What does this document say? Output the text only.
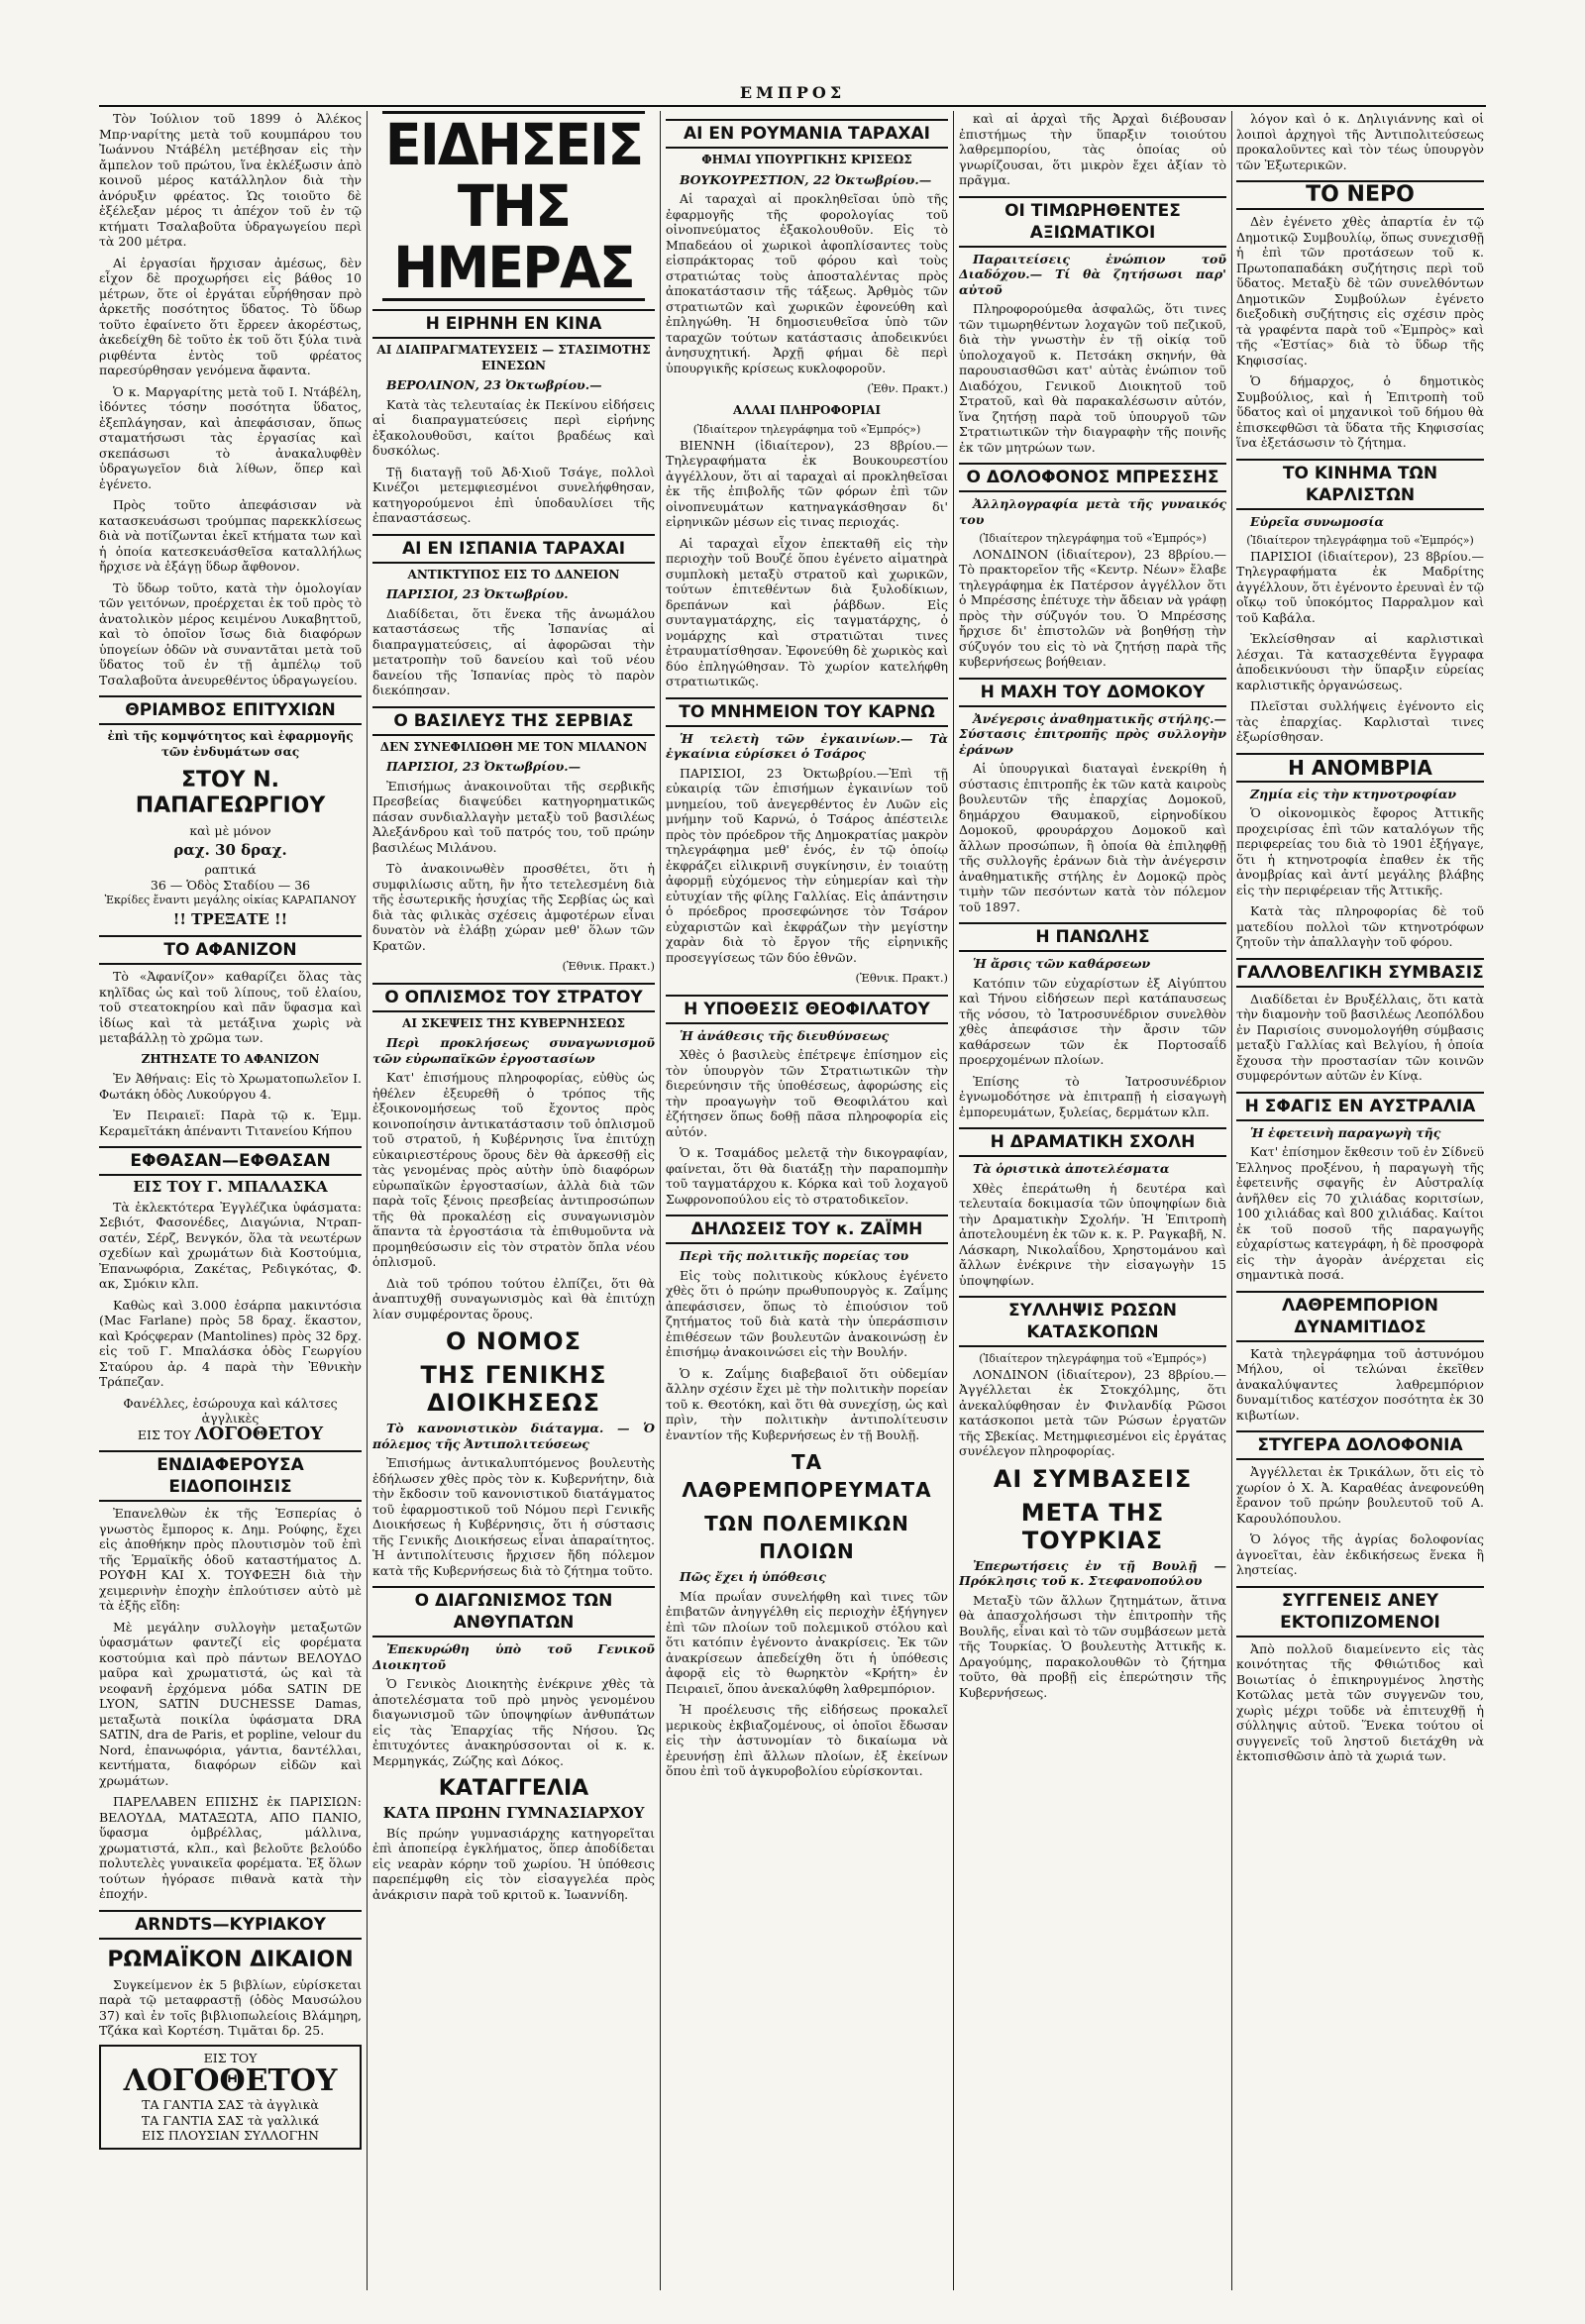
ΕΜΠΡΟΣ

Τὸν Ἰούλιον τοῦ 1899 ὁ Ἀλέκος Μπρ·ναρίτης μετὰ τοῦ κουμπάρου του Ἰωάννου Ντάβέλη μετέβησαν εἰς τὴν ἄμπελον τοῦ πρώτου, ἵνα ἐκλέξωσιν ἀπὸ κοινοῦ μέρος κατάλληλον διὰ τὴν ἀνόρυξιν φρέατος. Ὡς τοιοῦτο δὲ ἐξέλεξαν μέρος τι ἀπέχον τοῦ ἐν τῷ κτήματι Τσαλαβοῦτα ὑδραγωγείου περὶ τὰ 200 μέτρα.

Αἱ ἐργασίαι ἤρχισαν ἀμέσως, δὲν εἶχον δὲ προχωρήσει εἰς βάθος 10 μέτρων, ὅτε οἱ ἐργάται εὗρήθησαν πρὸ ἀρκετῆς ποσότητος ὕδατος. Τὸ ὕδωρ τοῦτο ἐφαίνετο ὅτι ἔρρεεν ἀκορέστως, ἀκεδείχθη δὲ τοῦτο ἐκ τοῦ ὅτι ξύλα τινὰ ριφθέντα ἐντὸς τοῦ φρέατος παρεσύρθησαν γενόμενα ἄφαντα.

Ὁ κ. Μαργαρίτης μετὰ τοῦ Ι. Ντάβέλη, ἰδόντες τόσην ποσότητα ὕδατος, ἐξεπλάγησαν, καὶ ἀπεφάσισαν, ὅπως σταματήσωσι τὰς ἐργασίας καὶ σκεπάσωσι τὸ ἀνακαλυφθὲν ὑδραγωγεῖον διὰ λίθων, ὅπερ καὶ ἐγένετο.

Πρὸς τοῦτο ἀπεφάσισαν νὰ κατασκευάσωσι τρούμπας παρεκκλίσεως διὰ νὰ ποτίζωνται ἐκεῖ κτήματα των καὶ ἡ ὁποία κατεσκευάσθεῖσα καταλλήλως ἤρχισε νὰ ἐξάγῃ ὕδωρ ἄφθονον.

Τὸ ὕδωρ τοῦτο, κατὰ τὴν ὁμολογίαν τῶν γειτόνων, προέρχεται ἐκ τοῦ πρὸς τὸ ἀνατολικὸν μέρος κειμένου Λυκαβηττοῦ, καὶ τὸ ὁποῖον ἴσως διὰ διαφόρων ὑπογείων ὁδῶν νὰ συναντᾶται μετὰ τοῦ ὕδατος τοῦ ἐν τῇ ἀμπέλῳ τοῦ Τσαλαβοῦτα ἀνευρεθέντος ὑδραγωγείου.

ΘΡΙΑΜΒΟΣ ΕΠΙΤΥΧΙΩΝ
ἐπὶ τῆς κομψότητος καὶ ἐφαρμογῆς τῶν ἐνδυμάτων σας
ΣΤΟΥ Ν. ΠΑΠΑΓΕΩΡΓΙΟΥ
καὶ μὲ μόνον
ραχ. 30 δραχ.
ραπτικά
36 — Ὁδὸς Σταδίου — 36
Ἐκρίδες ἔναντι μεγάλης οἰκίας ΚΑΡΑΠΑΝΟΥ
!! ΤΡΕΞΑΤΕ !!
ΤΟ ΑΦΑΝΙΖΟΝ

Τὸ «Ἀφανίζον» καθαρίζει ὅλας τὰς κηλῖδας ὡς καὶ τοῦ λίπους, τοῦ ἐλαίου, τοῦ στεατοκηρίου καὶ πᾶν ὕφασμα καὶ ἰδίως καὶ τὰ μετάξινα χωρὶς νὰ μεταβάλλῃ τὸ χρῶμα των.

ΖΗΤΗΣΑΤΕ ΤΟ ΑΦΑΝΙΖΟΝ

Ἐν Ἀθήναις: Εἰς τὸ Χρωματοπωλεῖον Ι. Φωτάκη ὁδὸς Λυκούργου 4.

Ἐν Πειραιεῖ: Παρὰ τῷ κ. Ἐμμ. Κεραμεῖτάκη ἀπέναντι Τιτανείου Κήπου

ΕΦΘΑΣΑΝ—ΕΦΘΑΣΑΝ
ΕΙΣ ΤΟΥ Γ. ΜΠΑΛΑΣΚΑ

Τὰ ἐκλεκτότερα Ἐγγλέζικα ὑφάσματα: Σεβιότ, Φασονέδες, Διαγώνια, Ντραπ-σατέν, Σέρζ, Βενγκόν, ὅλα τὰ νεωτέρων σχεδίων καὶ χρωμάτων διὰ Κοστούμια, Ἐπανωφόρια, Ζακέτας, Ρεδιγκότας, Φ. ακ, Σμόκιν κλπ.

Καθὼς καὶ 3.000 ἐσάρπα μακιντόσια (Mac Farlane) πρὸς 58 δραχ. ἕκαστον, καὶ Κρόςφεραν (Mantolines) πρὸς 32 δρχ. εἰς τοῦ Γ. Μπαλάσκα ὁδὸς Γεωργίου Σταύρου ἀρ. 4 παρὰ τὴν Ἐθνικὴν Τράπεζαν.

Φανέλλες, ἐσώρουχα καὶ κάλτσες ἀγγλικὲς
ΕΙΣ ΤΟΥ ΛΟΓΟΘΕΤΟΥ
ΕΝΔΙΑΦΕΡΟΥΣΑ ΕΙΔΟΠΟΙΗΣΙΣ

Ἐπανελθὼν ἐκ τῆς Ἑσπερίας ὁ γνωστὸς ἔμπορος κ. Δημ. Ρούφης, ἔχει εἰς ἀποθήκην πρὸς πλουτισμὸν τοῦ ἐπὶ τῆς Ἑρμαϊκῆς ὁδοῦ καταστήματος Δ. ΡΟΥΦΗ ΚΑΙ Χ. ΤΟΥΦΕΞΗ διὰ τὴν χειμερινὴν ἐποχὴν ἐπλούτισεν αὐτὸ μὲ τὰ ἐξῆς εἴδη:

Μὲ μεγάλην συλλογὴν μεταξωτῶν ὑφασμάτων φαντεζί εἰς φορέματα κοστούμια καὶ πρὸ πάντων ΒΕΛΟΥΔΟ μαῦρα καὶ χρωματιστά, ὡς καὶ τὰ νεοφανῆ ἐρχόμενα μόδα SATIN DE LYON, SATIN DUCHESSE Damas, μεταξωτὰ ποικίλα ὑφάσματα DRA SATIN, dra de Paris, et popline, velour du Nord, ἐπανωφόρια, γάντια, δαντέλλαι, κεντήματα, διαφόρων εἰδῶν καὶ χρωμάτων.

ΠΑΡΕΛΑΒΕΝ ΕΠΙΣΗΣ ἐκ ΠΑΡΙΣΙΩΝ: ΒΕΛΟΥΔΑ, ΜΑΤΑΞΩΤΑ, ΑΠΟ ΠΑΝΙΟ, ὕφασμα ὁμβρέλλας, μάλλινα, χρωματιστά, κλπ., καὶ βελοῦτε βελούδο πολυτελὲς γυναικεῖα φορέματα. Ἐξ ὅλων τούτων ἠγόρασε πιθανὰ κατὰ τὴν ἐποχήν.

ARNDTS—ΚΥΡΙΑΚΟΥ
ΡΩΜΑΪΚΟΝ ΔΙΚΑΙΟΝ

Συγκείμενον ἐκ 5 βιβλίων, εὑρίσκεται παρὰ τῷ μεταφραστῇ (ὁδὸς Μαυσώλου 37) καὶ ἐν τοῖς βιβλιοπωλείοις Βλάμηρη, Τζάκα καὶ Κορτέση. Τιμᾶται δρ. 25.

ΕΙΣ ΤΟΥ
ΛΟΓΟΘΕΤΟΥ
ΤΑ ΓΑΝΤΙΑ ΣΑΣ τὰ ἀγγλικὰ
ΤΑ ΓΑΝΤΙΑ ΣΑΣ τὰ γαλλικά
ΕΙΣ ΠΛΟΥΣΙΑΝ ΣΥΛΛΟΓΗΝ
ΕΙΔΗΣΕΙΣ ΤΗΣ ΗΜΕΡΑΣ
Η ΕΙΡΗΝΗ ΕΝ ΚΙΝΑ
ΑΙ ΔΙΑΠΡΑΓΜΑΤΕΥΣΕΙΣ — ΣΤΑΣΙΜΟΤΗΣ ΕΙΝΕΣΩΝ
ΒΕΡΟΛΙΝΟΝ, 23 Ὀκτωβρίου.—

Κατὰ τὰς τελευταίας ἐκ Πεκίνου εἰδήσεις αἱ διαπραγματεύσεις περὶ εἰρήνης ἐξακολουθοῦσι, καίτοι βραδέως καὶ δυσκόλως.

Τῇ διαταγῇ τοῦ Ἀδ·Χιοῦ Τσάγε, πολλοὶ Κινέζοι μετεμφιεσμένοι συνελήφθησαν, κατηγορούμενοι ἐπὶ ὑποδαυλίσει τῆς ἐπαναστάσεως.

ΑΙ ΕΝ ΙΣΠΑΝΙΑ ΤΑΡΑΧΑΙ
ΑΝΤΙΚΤΥΠΟΣ ΕΙΣ ΤΟ ΔΑΝΕΙΟΝ
ΠΑΡΙΣΙΟΙ, 23 Ὀκτωβρίου.

Διαδίδεται, ὅτι ἕνεκα τῆς ἀνωμάλου καταστάσεως τῆς Ἱσπανίας αἱ διαπραγματεύσεις, αἱ ἀφορῶσαι τὴν μετατροπὴν τοῦ δανείου καὶ τοῦ νέου δανείου τῆς Ἱσπανίας πρὸς τὸ παρὸν διεκόπησαν.

Ο ΒΑΣΙΛΕΥΣ ΤΗΣ ΣΕΡΒΙΑΣ
ΔΕΝ ΣΥΝΕΦΙΛΙΩΘΗ ΜΕ ΤΟΝ ΜΙΛΑΝΟΝ
ΠΑΡΙΣΙΟΙ, 23 Ὀκτωβρίου.—

Ἐπισήμως ἀνακοινοῦται τῆς σερβικῆς Πρεσβείας διαψεύδει κατηγορηματικῶς πάσαν συνδιαλλαγὴν μεταξὺ τοῦ βασιλέως Ἀλεξάνδρου καὶ τοῦ πατρός του, τοῦ πρώην βασιλέως Μιλάνου.

Τὸ ἀνακοινωθὲν προσθέτει, ὅτι ἡ συμφιλίωσις αὕτη, ἣν ἦτο τετελεσμένη διὰ τῆς ἐσωτερικῆς ἡσυχίας τῆς Σερβίας ὡς καὶ διὰ τὰς φιλικὰς σχέσεις ἀμφοτέρων εἶναι δυνατὸν νὰ ἐλάβῃ χώραν μεθ' ὅλων τῶν Κρατῶν.

(Ἐθνικ. Πρακτ.)
Ο ΟΠΛΙΣΜΟΣ ΤΟΥ ΣΤΡΑΤΟΥ
ΑΙ ΣΚΕΨΕΙΣ ΤΗΣ ΚΥΒΕΡΝΗΣΕΩΣ
Περὶ προκλήσεως συναγωνισμοῦ τῶν εὐρωπαϊκῶν ἐργοστασίων

Κατ' ἐπισήμους πληροφορίας, εὐθὺς ὡς ἠθέλεν ἐξευρεθῆ ὁ τρόπος τῆς ἐξοικονομήσεως τοῦ ἔχοντος πρὸς κοινοποίησιν ἀντικατάστασιν τοῦ ὁπλισμοῦ τοῦ στρατοῦ, ἡ Κυβέρνησις ἵνα ἐπιτύχῃ εὐκαιριεστέρους ὅρους δὲν θὰ ἀρκεσθῇ εἰς τὰς γενομένας πρὸς αὐτὴν ὑπὸ διαφόρων εὐρωπαϊκῶν ἐργοστασίων, ἀλλὰ διὰ τῶν παρὰ τοῖς ξένοις πρεσβείας ἀντιπροσώπων τῆς θὰ προκαλέσῃ εἰς συναγωνισμὸν ἅπαντα τὰ ἐργοστάσια τὰ ἐπιθυμοῦντα νὰ προμηθεύσωσιν εἰς τὸν στρατὸν ὅπλα νέου ὁπλισμοῦ.

Διὰ τοῦ τρόπου τούτου ἐλπίζει, ὅτι θὰ ἀναπτυχθῇ συναγωνισμὸς καὶ θὰ ἐπιτύχῃ λίαν συμφέροντας ὅρους.

Ο ΝΟΜΟΣ
ΤΗΣ ΓΕΝΙΚΗΣ ΔΙΟΙΚΗΣΕΩΣ
Τὸ κανονιστικὸν διάταγμα. — Ὁ πόλεμος τῆς Ἀντιπολιτεύσεως

Ἐπισήμως ἀντικαλυπτόμενος βουλευτὴς ἐδήλωσεν χθὲς πρὸς τὸν κ. Κυβερνήτην, διὰ τὴν ἔκδοσιν τοῦ κανονιστικοῦ διατάγματος τοῦ ἐφαρμοστικοῦ τοῦ Νόμου περὶ Γενικῆς Διοικήσεως ἡ Κυβέρνησις, ὅτι ἡ σύστασις τῆς Γενικῆς Διοικήσεως εἶναι ἀπαραίτητος. Ἡ ἀντιπολίτευσις ἤρχισεν ἤδη πόλεμον κατὰ τῆς Κυβερνήσεως διὰ τὸ ζήτημα τοῦτο.

Ο ΔΙΑΓΩΝΙΣΜΟΣ ΤΩΝ ΑΝΘΥΠΑΤΩΝ
Ἐπεκυρώθη ὑπὸ τοῦ Γενικοῦ Διοικητοῦ

Ὁ Γενικὸς Διοικητὴς ἐνέκρινε χθὲς τὰ ἀποτελέσματα τοῦ πρὸ μηνὸς γενομένου διαγωνισμοῦ τῶν ὑποψηφίων ἀνθυπάτων εἰς τὰς Ἐπαρχίας τῆς Νήσου. Ὡς ἐπιτυχόντες ἀνακηρύσσονται οἱ κ. κ. Μερμηγκάς, Ζώζης καὶ Δόκος.

ΚΑΤΑΓΓΕΛΙΑ
ΚΑΤΑ ΠΡΩΗΝ ΓΥΜΝΑΣΙΑΡΧΟΥ

Βίς πρώην γυμνασιάρχης κατηγορεῖται ἐπὶ ἀποπείρᾳ ἐγκλήματος, ὅπερ ἀποδίδεται εἰς νεαρὰν κόρην τοῦ χωρίου. Ἡ ὑπόθεσις παρεπέμφθη εἰς τὸν εἰσαγγελέα πρὸς ἀνάκρισιν παρὰ τοῦ κριτοῦ κ. Ἰωαννίδη.

ΑΙ ΕΝ ΡΟΥΜΑΝΙΑ ΤΑΡΑΧΑΙ
ΦΗΜΑΙ ΥΠΟΥΡΓΙΚΗΣ ΚΡΙΣΕΩΣ
ΒΟΥΚΟΥΡΕΣΤΙΟΝ, 22 Ὀκτωβρίου.—

Αἱ ταραχαὶ αἱ προκληθεῖσαι ὑπὸ τῆς ἐφαρμογῆς τῆς φορολογίας τοῦ οἰνοπνεύματος ἐξακολουθοῦν. Εἰς τὸ Μπαδεάου οἱ χωρικοὶ ἀφοπλίσαντες τοὺς εἰσπράκτορας τοῦ φόρου καὶ τοὺς στρατιώτας τοὺς ἀποσταλέντας πρὸς ἀποκατάστασιν τῆς τάξεως. Ἀρθμὸς τῶν στρατιωτῶν καὶ χωρικῶν ἐφονεύθη καὶ ἐπληγώθη. Ἡ δημοσιευθεῖσα ὑπὸ τῶν ταραχῶν τούτων κατάστασις ἀποδεικνύει ἀνησυχητική. Ἀρχῇ φήμαι δὲ περὶ ὑπουργικῆς κρίσεως κυκλοφοροῦν.

(Ἐθν. Πρακτ.)
ΑΛΛΑΙ ΠΛΗΡΟΦΟΡΙΑΙ
(Ἰδιαίτερον τηλεγράφημα τοῦ «Ἐμπρός»)

ΒΙΕΝΝΗ (ἰδιαίτερον), 23 8βρίου.—Τηλεγραφήματα ἐκ Βουκουρεστίου ἀγγέλλουν, ὅτι αἱ ταραχαὶ αἱ προκληθεῖσαι ἐκ τῆς ἐπιβολῆς τῶν φόρων ἐπὶ τῶν οἰνοπνευμάτων κατηναγκάσθησαν δι' εἰρηνικῶν μέσων εἰς τινας περιοχάς.

Αἱ ταραχαὶ εἶχον ἐπεκταθῆ εἰς τὴν περιοχὴν τοῦ Βουζέ ὅπου ἐγένετο αἱματηρὰ συμπλοκὴ μεταξὺ στρατοῦ καὶ χωρικῶν, τούτων ἐπιτεθέντων διὰ ξυλοδίκιων, δρεπάνων καὶ ῥάβδων. Εἰς συνταγματάρχης, εἰς ταγματάρχης, ὁ νομάρχης καὶ στρατιῶται τινες ἐτραυματίσθησαν. Ἐφονεύθη δὲ χωρικὸς καὶ δύο ἐπληγώθησαν. Τὸ χωρίον κατελήφθη στρατιωτικῶς.

ΤΟ ΜΝΗΜΕΙΟΝ ΤΟΥ ΚΑΡΝΩ
Ἡ τελετὴ τῶν ἐγκαινίων.— Τὰ ἐγκαίνια εὑρίσκει ὁ Τσάρος

ΠΑΡΙΣΙΟΙ, 23 Ὀκτωβρίου.—Ἐπὶ τῇ εὐκαιρίᾳ τῶν ἐπισήμων ἐγκαινίων τοῦ μνημείου, τοῦ ἀνεγερθέντος ἐν Λυῶν εἰς μνήμην τοῦ Καρνώ, ὁ Τσάρος ἀπέστειλε πρὸς τὸν πρόεδρον τῆς Δημοκρατίας μακρὸν τηλεγράφημα μεθ' ἑνός, ἐν τῷ ὁποίῳ ἐκφράζει εἰλικρινῆ συγκίνησιν, ἐν τοιαύτῃ ἀφορμῇ εὐχόμενος τὴν εὐημερίαν καὶ τὴν εὐτυχίαν τῆς φίλης Γαλλίας. Εἰς ἀπάντησιν ὁ πρόεδρος προσεφώνησε τὸν Τσάρον εὐχαριστῶν καὶ ἐκφράζων τὴν μεγίστην χαρὰν διὰ τὸ ἔργον τῆς εἰρηνικῆς προσεγγίσεως τῶν δύο ἐθνῶν.

(Ἐθνικ. Πρακτ.)
Η ΥΠΟΘΕΣΙΣ ΘΕΟΦΙΛΑΤΟΥ
Ἡ ἀνάθεσις τῆς διευθύνσεως

Χθὲς ὁ βασιλεὺς ἐπέτρεψε ἐπίσημον εἰς τὸν ὑπουργὸν τῶν Στρατιωτικῶν τὴν διερεύνησιν τῆς ὑποθέσεως, ἀφορώσης εἰς τὴν προαγωγὴν τοῦ Θεοφιλάτου καὶ ἐζήτησεν ὅπως δοθῇ πᾶσα πληροφορία εἰς αὐτόν.

Ὁ κ. Τσαμάδος μελετᾷ τὴν δικογραφίαν, φαίνεται, ὅτι θὰ διατάξῃ τὴν παραπομπὴν τοῦ ταγματάρχου κ. Κόρκα καὶ τοῦ λοχαγοῦ Σωφρονοπούλου εἰς τὸ στρατοδικεῖον.

ΔΗΛΩΣΕΙΣ ΤΟΥ κ. ΖΑΪΜΗ
Περὶ τῆς πολιτικῆς πορείας του

Εἰς τοὺς πολιτικοὺς κύκλους ἐγένετο χθὲς ὅτι ὁ πρώην πρωθυπουργὸς κ. Ζαΐμης ἀπεφάσισεν, ὅπως τὸ ἐπιούσιον τοῦ ζητήματος τοῦ διὰ κατὰ τὴν ὑπεράσπισιν ἐπιθέσεων τῶν βουλευτῶν ἀνακοινώσῃ ἐν ἐπισήμῳ ἀνακοινώσει εἰς τὴν Βουλήν.

Ὁ κ. Ζαΐμης διαβεβαιοῖ ὅτι οὐδεμίαν ἄλλην σχέσιν ἔχει μὲ τὴν πολιτικὴν πορείαν τοῦ κ. Θεοτόκη, καὶ ὅτι θὰ συνεχίσῃ, ὡς καὶ πρὶν, τὴν πολιτικὴν ἀντιπολίτευσιν ἐναντίον τῆς Κυβερνήσεως ἐν τῇ Βουλῇ.

ΤΑ ΛΑΘΡΕΜΠΟΡΕΥΜΑΤΑ
ΤΩΝ ΠΟΛΕΜΙΚΩΝ ΠΛΟΙΩΝ
Πῶς ἔχει ἡ ὑπόθεσις

Μία πρωΐαν συνελήφθη καὶ τινες τῶν ἐπιβατῶν ἀνηγγέλθη εἰς περιοχὴν ἐξήγηγεν ἐπὶ τῶν πλοίων τοῦ πολεμικοῦ στόλου καὶ ὅτι κατόπιν ἐγένοντο ἀνακρίσεις. Ἐκ τῶν ἀνακρίσεων ἀπεδείχθη ὅτι ἡ ὑπόθεσις ἀφορᾷ εἰς τὸ θωρηκτὸν «Κρήτη» ἐν Πειραιεῖ, ὅπου ἀνεκαλύφθη λαθρεμπόριον.

Ἡ προέλευσις τῆς εἰδήσεως προκαλεῖ μερικοὺς ἐκβιαζομένους, οἱ ὁποῖοι ἔδωσαν εἰς τὴν ἀστυνομίαν τὸ δικαίωμα νὰ ἐρευνήσῃ ἐπὶ ἄλλων πλοίων, ἐξ ἐκείνων ὅπου ἐπὶ τοῦ ἀγκυροβολίου εὑρίσκονται.

καὶ αἱ ἀρχαὶ τῆς Ἀρχαὶ διέβουσαν ἐπιστήμως τὴν ὕπαρξιν τοιούτου λαθρεμπορίου, τὰς ὁποίας οὐ γνωρίζουσαι, ὅτι μικρὸν ἔχει ἀξίαν τὸ πρᾶγμα.

ΟΙ ΤΙΜΩΡΗΘΕΝΤΕΣ ΑΞΙΩΜΑΤΙΚΟΙ
Παραιτείσεις ἐνώπιον τοῦ Διαδόχου.— Τί θὰ ζητήσωσι παρ' αὐτοῦ

Πληροφορούμεθα ἀσφαλῶς, ὅτι τινες τῶν τιμωρηθέντων λοχαγῶν τοῦ πεζικοῦ, διὰ τὴν γνωστὴν ἐν τῇ οἰκίᾳ τοῦ ὑπολοχαγοῦ κ. Πετσάκη σκηνήν, θὰ παρουσιασθῶσι κατ' αὐτὰς ἐνώπιον τοῦ Διαδόχου, Γενικοῦ Διοικητοῦ τοῦ Στρατοῦ, καὶ θὰ παρακαλέσωσιν αὐτόν, ἵνα ζητήσῃ παρὰ τοῦ ὑπουργοῦ τῶν Στρατιωτικῶν τὴν διαγραφὴν τῆς ποινῆς ἐκ τῶν μητρώων των.

Ο ΔΟΛΟΦΟΝΟΣ ΜΠΡΕΣΣΗΣ
Ἀλληλογραφία μετὰ τῆς γυναικός του
(Ἰδιαίτερον τηλεγράφημα τοῦ «Ἐμπρός»)

ΛΟΝΔΙΝΟΝ (ἰδιαίτερον), 23 8βρίου.—Τὸ πρακτορεῖον τῆς «Κεντρ. Νέων» ἔλαβε τηλεγράφημα ἐκ Πατέρσον ἀγγέλλον ὅτι ὁ Μπρέσσης ἐπέτυχε τὴν ἄδειαν νὰ γράφῃ πρὸς τὴν σύζυγόν του. Ὁ Μπρέσσης ἤρχισε δι' ἐπιστολῶν νὰ βοηθήσῃ τὴν σύζυγόν του εἰς τὸ νὰ ζητήσῃ παρὰ τῆς κυβερνήσεως βοήθειαν.

Η ΜΑΧΗ ΤΟΥ ΔΟΜΟΚΟΥ
Ἀνέγερσις ἀναθηματικῆς στήλης.— Σύστασις ἐπιτροπῆς πρὸς συλλογὴν ἐράνων

Αἱ ὑπουργικαὶ διαταγαὶ ἐνεκρίθη ἡ σύστασις ἐπιτροπῆς ἐκ τῶν κατὰ καιροὺς βουλευτῶν τῆς ἐπαρχίας Δομοκοῦ, δημάρχου Θαυμακοῦ, εἰρηνοδίκου Δομοκοῦ, φρουράρχου Δομοκοῦ καὶ ἄλλων προσώπων, ἣ ὁποία θὰ ἐπιληφθῇ τῆς συλλογῆς ἐράνων διὰ τὴν ἀνέγερσιν ἀναθηματικῆς στήλης ἐν Δομοκῷ πρὸς τιμὴν τῶν πεσόντων κατὰ τὸν πόλεμον τοῦ 1897.

Η ΠΑΝΩΛΗΣ
Ἡ ἄρσις τῶν καθάρσεων

Κατόπιν τῶν εὐχαρίστων ἐξ Αἰγύπτου καὶ Τήνου εἰδήσεων περὶ κατάπαυσεως τῆς νόσου, τὸ Ἰατροσυνέδριον συνελθὸν χθὲς ἀπεφάσισε τὴν ἄρσιν τῶν καθάρσεων τῶν ἐκ Πορτοσαΐδ προερχομένων πλοίων.

Ἐπίσης τὸ Ἰατροσυνέδριον ἐγνωμοδότησε νὰ ἐπιτραπῇ ἡ εἰσαγωγὴ ἐμπορευμάτων, ξυλείας, δερμάτων κλπ.

Η ΔΡΑΜΑΤΙΚΗ ΣΧΟΛΗ
Τὰ ὁριστικὰ ἀποτελέσματα

Χθὲς ἐπεράτωθη ἡ δευτέρα καὶ τελευταία δοκιμασία τῶν ὑποψηφίων διὰ τὴν Δραματικὴν Σχολήν. Ἡ Ἐπιτροπὴ ἀποτελουμένη ἐκ τῶν κ. κ. Ρ. Ραγκαβῆ, Ν. Λάσκαρη, Νικολαΐδου, Χρηστομάνου καὶ ἄλλων ἐνέκρινε τὴν εἰσαγωγὴν 15 ὑποψηφίων.

ΣΥΛΛΗΨΙΣ ΡΩΣΩΝ ΚΑΤΑΣΚΟΠΩΝ
(Ἰδιαίτερον τηλεγράφημα τοῦ «Ἐμπρός»)

ΛΟΝΔΙΝΟΝ (ἰδιαίτερον), 23 8βρίου.—Ἀγγέλλεται ἐκ Στοκχόλμης, ὅτι ἀνεκαλύφθησαν ἐν Φινλανδίᾳ Ρῶσοι κατάσκοποι μετὰ τῶν Ρώσων ἐργατῶν τῆς Σβεκίας. Μετημφιεσμένοι εἰς ἐργάτας συνέλεγον πληροφορίας.

ΑΙ ΣΥΜΒΑΣΕΙΣ
ΜΕΤΑ ΤΗΣ ΤΟΥΡΚΙΑΣ
Ἐπερωτήσεις ἐν τῇ Βουλῇ — Πρόκλησις τοῦ κ. Στεφανοπούλου

Μεταξὺ τῶν ἄλλων ζητημάτων, ἅτινα θὰ ἀπασχολήσωσι τὴν ἐπιτροπὴν τῆς Βουλῆς, εἶναι καὶ τὸ τῶν συμβάσεων μετὰ τῆς Τουρκίας. Ὁ βουλευτὴς Ἀττικῆς κ. Δραγούμης, παρακολουθῶν τὸ ζήτημα τοῦτο, θὰ προβῇ εἰς ἐπερώτησιν τῆς Κυβερνήσεως.

λόγον καὶ ὁ κ. Δηλιγιάννης καὶ οἱ λοιποὶ ἀρχηγοὶ τῆς Ἀντιπολιτεύσεως προκαλοῦντες καὶ τὸν τέως ὑπουργὸν τῶν Ἐξωτερικῶν.

ΤΟ ΝΕΡΟ

Δὲν ἐγένετο χθὲς ἀπαρτία ἐν τῷ Δημοτικῷ Συμβουλίῳ, ὅπως συνεχισθῇ ἡ ἐπὶ τῶν προτάσεων τοῦ κ. Πρωτοπαπαδάκη συζήτησις περὶ τοῦ ὕδατος. Μεταξὺ δὲ τῶν συνελθόντων Δημοτικῶν Συμβούλων ἐγένετο διεξοδικὴ συζήτησις εἰς σχέσιν πρὸς τὰ γραφέντα παρὰ τοῦ «Ἐμπρὸς» καὶ τῆς «Ἑστίας» διὰ τὸ ὕδωρ τῆς Κηφισσίας.

Ὁ δήμαρχος, ὁ δημοτικὸς Συμβούλιος, καὶ ἡ Ἐπιτροπὴ τοῦ ὕδατος καὶ οἱ μηχανικοὶ τοῦ δήμου θὰ ἐπισκεφθῶσι τὰ ὕδατα τῆς Κηφισσίας ἵνα ἐξετάσωσιν τὸ ζήτημα.

ΤΟ ΚΙΝΗΜΑ ΤΩΝ ΚΑΡΛΙΣΤΩΝ
Εὐρεῖα συνωμοσία
(Ἰδιαίτερον τηλεγράφημα τοῦ «Ἐμπρός»)

ΠΑΡΙΣΙΟΙ (ἰδιαίτερον), 23 8βρίου.—Τηλεγραφήματα ἐκ Μαδρίτης ἀγγέλλουν, ὅτι ἐγένοντο ἐρευναὶ ἐν τῷ οἴκῳ τοῦ ὑποκόμτος Παρραλμον καὶ τοῦ Καβάλα.

Ἐκλείσθησαν αἱ καρλιστικαὶ λέσχαι. Τὰ κατασχεθέντα ἔγγραφα ἀποδεικνύουσι τὴν ὕπαρξιν εὐρείας καρλιστικῆς ὀργανώσεως.

Πλεῖσται συλλήψεις ἐγένοντο εἰς τὰς ἐπαρχίας. Καρλισταὶ τινες ἐξωρίσθησαν.

Η ΑΝΟΜΒΡΙΑ
Ζημία εἰς τὴν κτηνοτροφίαν

Ὁ οἰκονομικὸς ἔφορος Ἀττικῆς προχειρίσας ἐπὶ τῶν καταλόγων τῆς περιφερείας του διὰ τὸ 1901 ἐξήγαγε, ὅτι ἡ κτηνοτροφία ἐπαθεν ἐκ τῆς ἀνομβρίας καὶ ἀντί μεγάλης βλάβης εἰς τὴν περιφέρειαν τῆς Ἀττικῆς.

Κατὰ τὰς πληροφορίας δὲ τοῦ ματεδίου πολλοὶ τῶν κτηνοτρόφων ζητοῦν τὴν ἀπαλλαγὴν τοῦ φόρου.

ΓΑΛΛΟΒΕΛΓΙΚΗ ΣΥΜΒΑΣΙΣ

Διαδίδεται ἐν Βρυξέλλαις, ὅτι κατὰ τὴν διαμονὴν τοῦ βασιλέως Λεοπόλδου ἐν Παρισίοις συνομολογήθη σύμβασις μεταξὺ Γαλλίας καὶ Βελγίου, ἡ ὁποία ἔχουσα τὴν προστασίαν τῶν κοινῶν συμφερόντων αὐτῶν ἐν Κίνᾳ.

Η ΣΦΑΓΙΣ ΕΝ ΑΥΣΤΡΑΛΙΑ
Ἡ ἐφετεινὴ παραγωγὴ τῆς

Κατ' ἐπίσημον ἔκθεσιν τοῦ ἐν Σίδνεϋ Ἑλληνος προξένου, ἡ παραγωγὴ τῆς ἐφετεινῆς σφαγῆς ἐν Αὐστραλίᾳ ἀνῆλθεν εἰς 70 χιλιάδας κοριτσίων, 100 χιλιάδας καὶ 800 χιλιάδας. Καίτοι ἐκ τοῦ ποσοῦ τῆς παραγωγῆς εὐχαρίστως κατεγράφη, ἡ δὲ προσφορὰ εἰς τὴν ἀγορὰν ἀνέρχεται εἰς σημαντικὰ ποσά.

ΛΑΘΡΕΜΠΟΡΙΟΝ ΔΥΝΑΜΙΤΙΔΟΣ

Κατὰ τηλεγράφημα τοῦ ἀστυνόμου Μήλου, οἱ τελώναι ἐκεῖθεν ἀνακαλύψαντες λαθρεμπόριον δυναμίτιδος κατέσχον ποσότητα ἐκ 30 κιβωτίων.

ΣΤΥΓΕΡΑ ΔΟΛΟΦΟΝΙΑ

Ἀγγέλλεται ἐκ Τρικάλων, ὅτι εἰς τὸ χωρίον ὁ Χ. Ἀ. Καραθέας ἀνεφονεύθη ἔρανον τοῦ πρώην βουλευτοῦ τοῦ Α. Καρουλόπουλου.

Ὁ λόγος τῆς ἀγρίας δολοφονίας ἀγνοεῖται, ἐὰν ἐκδικήσεως ἕνεκα ἢ ληστείας.

ΣΥΓΓΕΝΕΙΣ ΑΝΕΥ ΕΚΤΟΠΙΖΟΜΕΝΟΙ

Ἀπὸ πολλοῦ διαμείνεντο εἰς τὰς κοινότητας τῆς Φθιώτιδος καὶ Βοιωτίας ὁ ἐπικηρυγμένος ληστὴς Κοτῶλας μετὰ τῶν συγγενῶν του, χωρὶς μέχρι τοῦδε νὰ ἐπιτευχθῇ ἡ σύλληψις αὐτοῦ. Ἕνεκα τούτου οἱ συγγενεῖς τοῦ ληστοῦ διετάχθη νὰ ἐκτοπισθῶσιν ἀπὸ τὰ χωριά των.
